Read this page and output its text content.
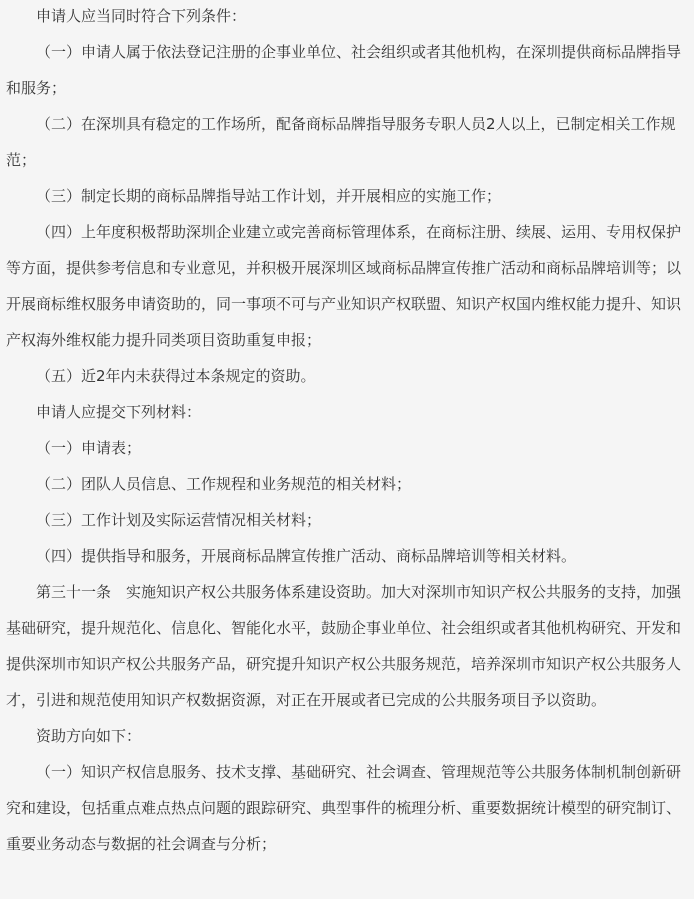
申请人应当同时符合下列条件：

（一）申请人属于依法登记注册的企事业单位、社会组织或者其他机构，在深圳提供商标品牌指导和服务；

（二）在深圳具有稳定的工作场所，配备商标品牌指导服务专职人员2人以上，已制定相关工作规范；

（三）制定长期的商标品牌指导站工作计划，并开展相应的实施工作；

（四）上年度积极帮助深圳企业建立或完善商标管理体系，在商标注册、续展、运用、专用权保护等方面，提供参考信息和专业意见，并积极开展深圳区域商标品牌宣传推广活动和商标品牌培训等；以开展商标维权服务申请资助的，同一事项不可与产业知识产权联盟、知识产权国内维权能力提升、知识产权海外维权能力提升同类项目资助重复申报；

（五）近2年内未获得过本条规定的资助。

申请人应提交下列材料：

（一）申请表；

（二）团队人员信息、工作规程和业务规范的相关材料；

（三）工作计划及实际运营情况相关材料；

（四）提供指导和服务，开展商标品牌宣传推广活动、商标品牌培训等相关材料。

第三十一条　实施知识产权公共服务体系建设资助。加大对深圳市知识产权公共服务的支持，加强基础研究，提升规范化、信息化、智能化水平，鼓励企事业单位、社会组织或者其他机构研究、开发和提供深圳市知识产权公共服务产品，研究提升知识产权公共服务规范，培养深圳市知识产权公共服务人才，引进和规范使用知识产权数据资源，对正在开展或者已完成的公共服务项目予以资助。

资助方向如下：

（一）知识产权信息服务、技术支撑、基础研究、社会调查、管理规范等公共服务体制机制创新研究和建设，包括重点难点热点问题的跟踪研究、典型事件的梳理分析、重要数据统计模型的研究制订、重要业务动态与数据的社会调查与分析；
